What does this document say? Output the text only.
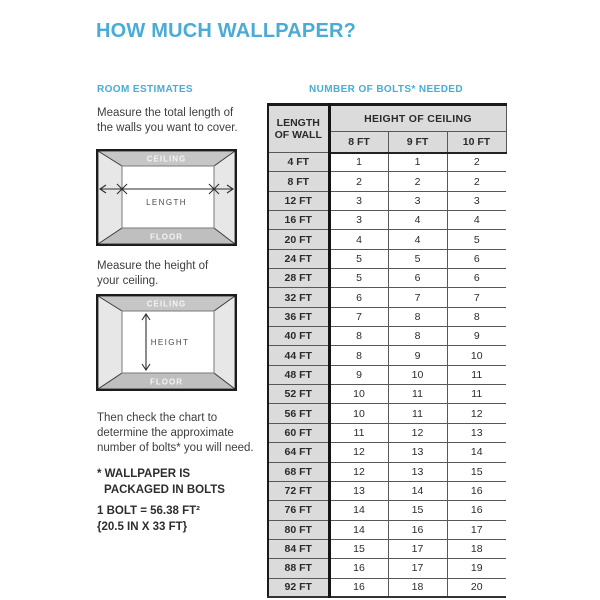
HOW MUCH WALLPAPER?
ROOM ESTIMATES

Measure the total length of
the walls you want to cover.

CEILING
FLOOR
LENGTH

Measure the height of
your ceiling.

CEILING
FLOOR
HEIGHT

Then check the chart to
determine the approximate
number of bolts* you will need.

* WALLPAPER IS
PACKAGED IN BOLTS
1 BOLT = 56.38 FT²
{20.5 IN X 33 FT}
NUMBER OF BOLTS* NEEDED
LENGTH
OF WALL	HEIGHT OF CEILING		
	8 FT	9 FT	10 FT
4 FT	1	1	2
8 FT	2	2	2
12 FT	3	3	3
16 FT	3	4	4
20 FT	4	4	5
24 FT	5	5	6
28 FT	5	6	6
32 FT	6	7	7
36 FT	7	8	8
40 FT	8	8	9
44 FT	8	9	10
48 FT	9	10	11
52 FT	10	11	11
56 FT	10	11	12
60 FT	11	12	13
64 FT	12	13	14
68 FT	12	13	15
72 FT	13	14	16
76 FT	14	15	16
80 FT	14	16	17
84 FT	15	17	18
88 FT	16	17	19
92 FT	16	18	20
